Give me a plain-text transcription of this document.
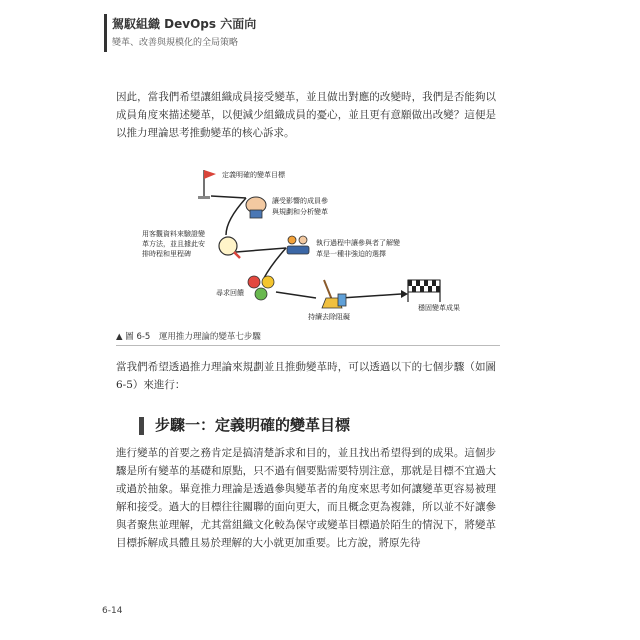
駕馭組織 DevOps 六面向
變革、改善與規模化的全局策略

因此，當我們希望讓組織成員接受變革，並且做出對應的改變時，我們是否能夠以成員角度來描述變革，以便減少組織成員的憂心，並且更有意願做出改變？這便是以推力理論思考推動變革的核心訴求。

定義明確的變革目標
讓受影響的成員參
與規劃和分析變革
用客觀資料來驗證變
革方法，並且據此安
排時程和里程碑
執行過程中讓參與者了解變
革是一種非強迫的選擇
尋求回饋
持續去除阻礙
穩固變革成果
▲ 圖 6-5　運用推力理論的變革七步驟

當我們希望透過推力理論來規劃並且推動變革時，可以透過以下的七個步驟（如圖 6-5）來進行：

步驟一：定義明確的變革目標

進行變革的首要之務肯定是搞清楚訴求和目的，並且找出希望得到的成果。這個步驟是所有變革的基礎和原點，只不過有個要點需要特別注意，那就是目標不宜過大或過於抽象。畢竟推力理論是透過參與變革者的角度來思考如何讓變革更容易被理解和接受。過大的目標往往關聯的面向更大，而且概念更為複雜，所以並不好讓參與者聚焦並理解，尤其當組織文化較為保守或變革目標過於陌生的情況下，將變革目標拆解成具體且易於理解的大小就更加重要。比方說，將原先待

6-14
